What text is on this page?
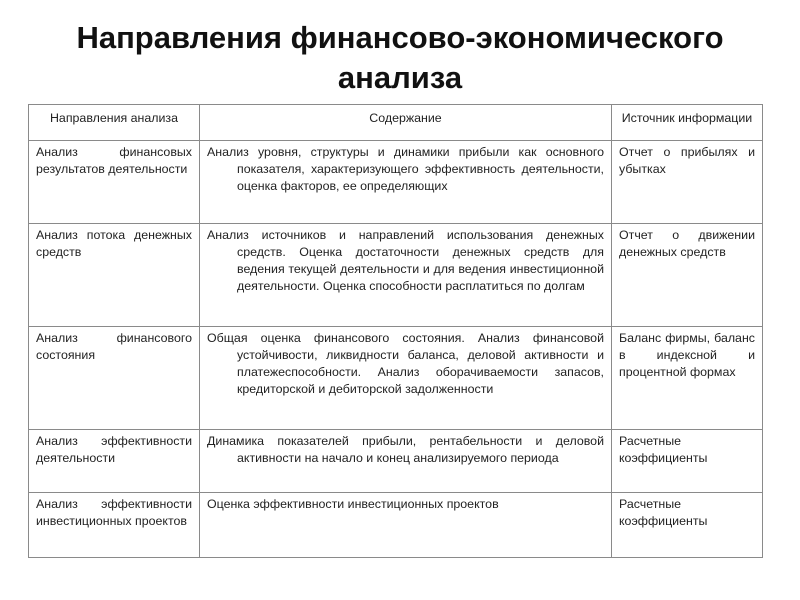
Направления финансово-экономического
анализа
Направления анализа	Содержание	Источник информации

Анализ финансовых результатов деятельности	Анализ уровня, структуры и динамики прибыли как основного показателя, характеризующего эффективность деятельности, оценка факторов, ее определяющих	Отчет о прибылях и убытках

Анализ потока денежных средств	Анализ источников и направлений использования денежных средств. Оценка достаточности денежных средств для ведения текущей деятельности и для ведения инвестиционной деятельности. Оценка способности расплатиться по долгам	Отчет о движении денежных средств

Анализ финансового состояния	Общая оценка финансового состояния. Анализ финансовой устойчивости, ликвидности баланса, деловой активности и платежеспособности. Анализ оборачиваемости запасов, кредиторской и дебиторской задолженности	Баланс фирмы, баланс в индексной и процентной формах

Анализ эффективности деятельности	Динамика показателей прибыли, рентабельности и деловой активности на начало и конец анализируемого периода	Расчетные коэффициенты

Анализ эффективности инвестиционных проектов	Оценка эффективности инвестиционных проектов	Расчетные коэффициенты
